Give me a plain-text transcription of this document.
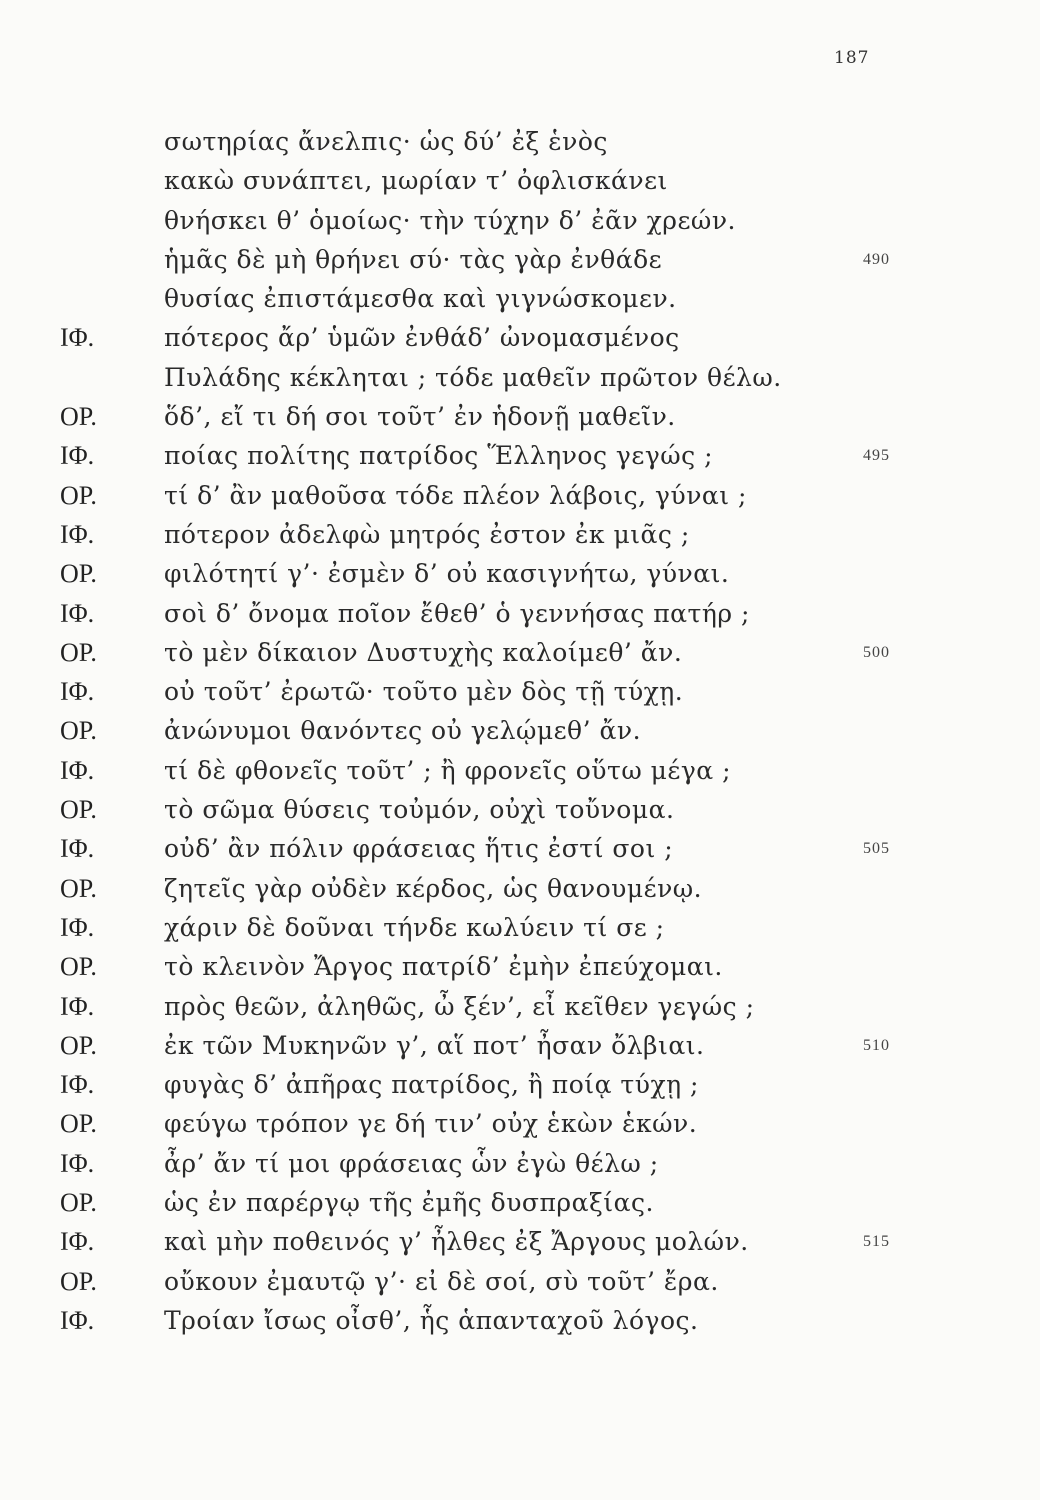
187
σωτηρίας ἄνελπις· ὡς δύ’ ἐξ ἑνὸς
κακὼ συνάπτει, μωρίαν τ’ ὀφλισκάνει
θνήσκει θ’ ὁμοίως· τὴν τύχην δ’ ἐᾶν χρεών.
ἡμᾶς δὲ μὴ θρήνει σύ· τὰς γὰρ ἐνθάδε	490
θυσίας ἐπιστάμεσθα καὶ γιγνώσκομεν.
ΙΦ.	πότερος ἄρ’ ὑμῶν ἐνθάδ’ ὠνομασμένος
Πυλάδης κέκληται ; τόδε μαθεῖν πρῶτον θέλω.
ΟΡ.	ὅδ’, εἴ τι δή σοι τοῦτ’ ἐν ἡδονῇ μαθεῖν.
ΙΦ.	ποίας πολίτης πατρίδος Ἕλληνος γεγώς ;	495
ΟΡ.	τί δ’ ἂν μαθοῦσα τόδε πλέον λάβοις, γύναι ;
ΙΦ.	πότερον ἀδελφὼ μητρός ἐστον ἐκ μιᾶς ;
ΟΡ.	φιλότητί γ’· ἐσμὲν δ’ οὐ κασιγνήτω, γύναι.
ΙΦ.	σοὶ δ’ ὄνομα ποῖον ἔθεθ’ ὁ γεννήσας πατήρ ;
ΟΡ.	τὸ μὲν δίκαιον Δυστυχὴς καλοίμεθ’ ἄν.	500
ΙΦ.	οὐ τοῦτ’ ἐρωτῶ· τοῦτο μὲν δὸς τῇ τύχῃ.
ΟΡ.	ἀνώνυμοι θανόντες οὐ γελῴμεθ’ ἄν.
ΙΦ.	τί δὲ φθονεῖς τοῦτ’ ; ἢ φρονεῖς οὕτω μέγα ;
ΟΡ.	τὸ σῶμα θύσεις τοὐμόν, οὐχὶ τοὔνομα.
ΙΦ.	οὐδ’ ἂν πόλιν φράσειας ἥτις ἐστί σοι ;	505
ΟΡ.	ζητεῖς γὰρ οὐδὲν κέρδος, ὡς θανουμένῳ.
ΙΦ.	χάριν δὲ δοῦναι τήνδε κωλύειν τί σε ;
ΟΡ.	τὸ κλεινὸν Ἄργος πατρίδ’ ἐμὴν ἐπεύχομαι.
ΙΦ.	πρὸς θεῶν, ἀληθῶς, ὦ ξέν’, εἶ κεῖθεν γεγώς ;
ΟΡ.	ἐκ τῶν Μυκηνῶν γ’, αἵ ποτ’ ἦσαν ὄλβιαι.	510
ΙΦ.	φυγὰς δ’ ἀπῆρας πατρίδος, ἢ ποίᾳ τύχῃ ;
ΟΡ.	φεύγω τρόπον γε δή τιν’ οὐχ ἑκὼν ἑκών.
ΙΦ.	ἆρ’ ἄν τί μοι φράσειας ὧν ἐγὼ θέλω ;
ΟΡ.	ὡς ἐν παρέργῳ τῆς ἐμῆς δυσπραξίας.
ΙΦ.	καὶ μὴν ποθεινός γ’ ἦλθες ἐξ Ἄργους μολών.	515
ΟΡ.	οὔκουν ἐμαυτῷ γ’· εἰ δὲ σοί, σὺ τοῦτ’ ἔρα.
ΙΦ.	Τροίαν ἴσως οἶσθ’, ἧς ἁπανταχοῦ λόγος.
